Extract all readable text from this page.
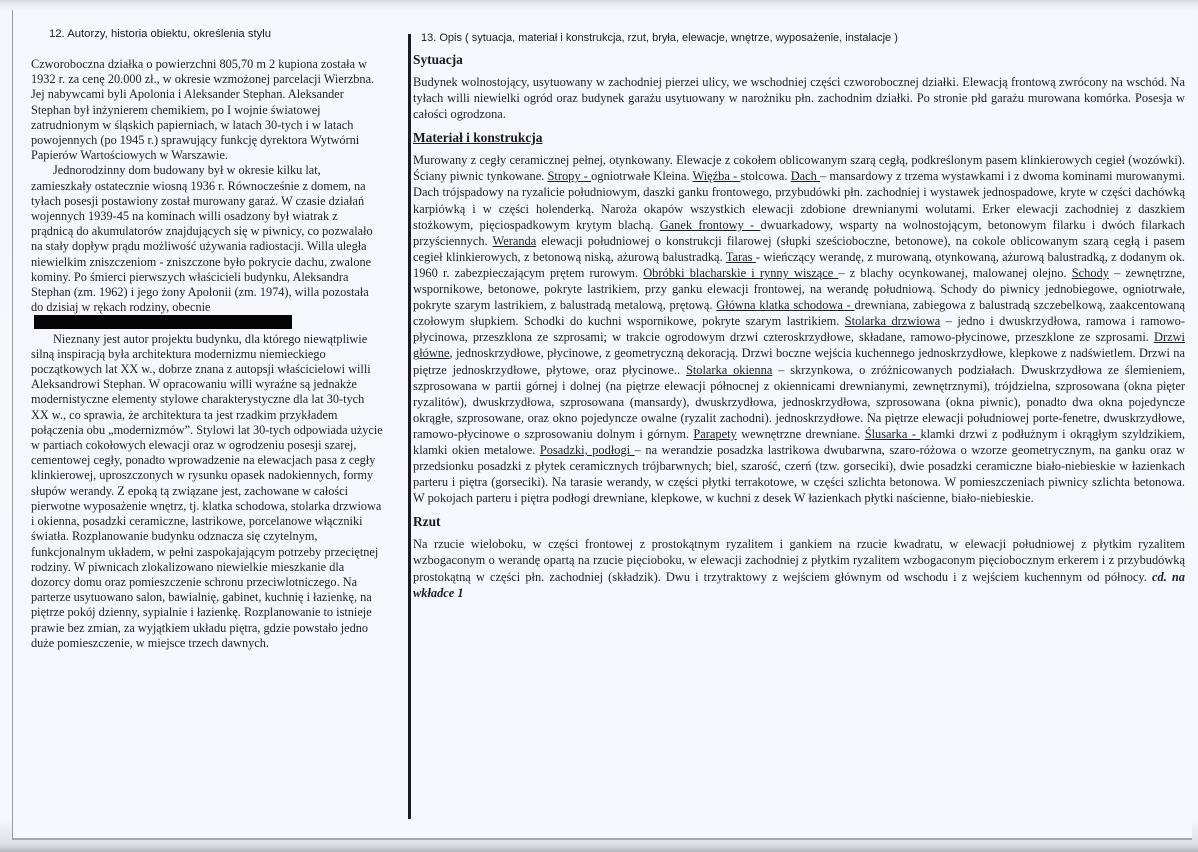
12. Autorzy, historia obiektu, określenia stylu

Czworoboczna działka o powierzchni 805,70 m 2 kupiona została w 1932 r. za cenę 20.000 zł., w okresie wzmożonej parcelacji Wierzbna. Jej nabywcami byli Apolonia i Aleksander Stephan. Aleksander Stephan był inżynierem chemikiem, po I wojnie światowej zatrudnionym w śląskich papierniach, w latach 30-tych i w latach powojennych (po 1945 r.) sprawujący funkcję dyrektora Wytwórni Papierów Wartościowych w Warszawie.

Jednorodzinny dom budowany był w okresie kilku lat, zamieszkały ostatecznie wiosną 1936 r. Równocześnie z domem, na tyłach posesji postawiony został murowany garaż. W czasie działań wojennych 1939-45 na kominach willi osadzony był wiatrak z prądnicą do akumulatorów znajdujących się w piwnicy, co pozwalało na stały dopływ prądu możliwość używania radiostacji. Willa uległa niewielkim zniszczeniom - zniszczone było pokrycie dachu, zwalone kominy. Po śmierci pierwszych właścicieli budynku, Aleksandra Stephan (zm. 1962) i jego żony Apolonii (zm. 1974), willa pozostała do dzisiaj w rękach rodziny, obecnie

Nieznany jest autor projektu budynku, dla którego niewątpliwie silną inspiracją była architektura modernizmu niemieckiego początkowych lat XX w., dobrze znana z autopsji właścicielowi willi Aleksandrowi Stephan. W opracowaniu willi wyraźne są jednakże modernistyczne elementy stylowe charakterystyczne dla lat 30-tych XX w., co sprawia, że architektura ta jest rzadkim przykładem połączenia obu „modernizmów”. Stylowi lat 30-tych odpowiada użycie w partiach cokołowych elewacji oraz w ogrodzeniu posesji szarej, cementowej cegły, ponadto wprowadzenie na elewacjach pasa z cegły klinkierowej, uproszczonych w rysunku opasek nadokiennych, formy słupów werandy. Z epoką tą związane jest, zachowane w całości pierwotne wyposażenie wnętrz, tj. klatka schodowa, stolarka drzwiowa i okienna, posadzki ceramiczne, lastrikowe, porcelanowe włączniki światła. Rozplanowanie budynku odznacza się czytelnym, funkcjonalnym układem, w pełni zaspokajającym potrzeby przeciętnej rodziny. W piwnicach zlokalizowano niewielkie mieszkanie dla dozorcy domu oraz pomieszczenie schronu przeciwlotniczego. Na parterze usytuowano salon, bawialnię, gabinet, kuchnię i łazienkę, na piętrze pokój dzienny, sypialnie i łazienkę. Rozplanowanie to istnieje prawie bez zmian, za wyjątkiem układu piętra, gdzie powstało jedno duże pomieszczenie, w miejsce trzech dawnych.

13. Opis ( sytuacja, materiał i konstrukcja, rzut, bryła, elewacje, wnętrze, wyposażenie, instalacje )
Sytuacja
Budynek wolnostojący, usytuowany w zachodniej pierzei ulicy, we wschodniej części czworobocznej działki. Elewacją frontową zwrócony na wschód. Na tyłach willi niewielki ogród oraz budynek garażu usytuowany w narożniku płn. zachodnim działki. Po stronie płd garażu murowana komórka. Posesja w całości ogrodzona.
Materiał i konstrukcja
Murowany z cegły ceramicznej pełnej, otynkowany. Elewacje z cokołem oblicowanym szarą cegłą, podkreślonym pasem klinkierowych cegieł (wozówki). Ściany piwnic tynkowane. Stropy - ogniotrwałe Kleina. Więźba - stolcowa. Dach – mansardowy z trzema wystawkami i z dwoma kominami murowanymi. Dach trójspadowy na ryzalicie południowym, daszki ganku frontowego, przybudówki płn. zachodniej i wystawek jednospadowe, kryte w części dachówką karpiówką i w części holenderką. Naroża okapów wszystkich elewacji zdobione drewnianymi wolutami. Erker elewacji zachodniej z daszkiem stożkowym, pięciospadkowym krytym blachą. Ganek frontowy - dwuarkadowy, wsparty na wolnostojącym, betonowym filarku i dwóch filarkach przyściennych. Weranda elewacji południowej o konstrukcji filarowej (słupki sześcioboczne, betonowe), na cokole oblicowanym szarą cegłą i pasem cegieł klinkierowych, z betonową niską, ażurową balustradką. Taras - wieńczący werandę, z murowaną, otynkowaną, ażurową balustradką, z dodanym ok. 1960 r. zabezpieczającym prętem rurowym. Obróbki blacharskie i rynny wiszące – z blachy ocynkowanej, malowanej olejno. Schody – zewnętrzne, wspornikowe, betonowe, pokryte lastrikiem, przy ganku elewacji frontowej, na werandę południową. Schody do piwnicy jednobiegowe, ogniotrwałe, pokryte szarym lastrikiem, z balustradą metalową, prętową. Główna klatka schodowa - drewniana, zabiegowa z balustradą szczebelkową, zaakcentowaną czołowym słupkiem. Schodki do kuchni wspornikowe, pokryte szarym lastrikiem. Stolarka drzwiowa – jedno i dwuskrzydłowa, ramowa i ramowo-płycinowa, przeszklona ze szprosami; w trakcie ogrodowym drzwi czteroskrzydłowe, składane, ramowo-płycinowe, przeszklone ze szprosami. Drzwi główne, jednoskrzydłowe, płycinowe, z geometryczną dekoracją. Drzwi boczne wejścia kuchennego jednoskrzydłowe, klepkowe z nadświetlem. Drzwi na piętrze jednoskrzydłowe, płytowe, oraz płycinowe.. Stolarka okienna – skrzynkowa, o zróżnicowanych podziałach. Dwuskrzydłowa ze ślemieniem, szprosowana w partii górnej i dolnej (na piętrze elewacji północnej z okiennicami drewnianymi, zewnętrznymi), trójdzielna, szprosowana (okna pięter ryzalitów), dwuskrzydłowa, szprosowana (mansardy), dwuskrzydłowa, jednoskrzydłowa, szprosowana (okna piwnic), ponadto dwa okna pojedyncze okrągłe, szprosowane, oraz okno pojedyncze owalne (ryzalit zachodni). jednoskrzydłowe. Na piętrze elewacji południowej porte-fenetre, dwuskrzydłowe, ramowo-płycinowe o szprosowaniu dolnym i górnym. Parapety wewnętrzne drewniane. Ślusarka - klamki drzwi z podłużnym i okrągłym szyldzikiem, klamki okien metalowe. Posadzki, podłogi – na werandzie posadzka lastrikowa dwubarwna, szaro-różowa o wzorze geometrycznym, na ganku oraz w przedsionku posadzki z płytek ceramicznych trójbarwnych; biel, szarość, czerń (tzw. gorseciki), dwie posadzki ceramiczne biało-niebieskie w łazienkach parteru i piętra (gorseciki). Na tarasie werandy, w części płytki terrakotowe, w części szlichta betonowa. W pomieszczeniach piwnicy szlichta betonowa. W pokojach parteru i piętra podłogi drewniane, klepkowe, w kuchni z desek W łazienkach płytki naścienne, biało-niebieskie.
Rzut
Na rzucie wieloboku, w części frontowej z prostokątnym ryzalitem i gankiem na rzucie kwadratu, w elewacji południowej z płytkim ryzalitem wzbogaconym o werandę opartą na rzucie pięcioboku, w elewacji zachodniej z płytkim ryzalitem wzbogaconym pięciobocznym erkerem i z przybudówką prostokątną w części płn. zachodniej (składzik). Dwu i trzytraktowy z wejściem głównym od wschodu i z wejściem kuchennym od północy. cd. na wkładce 1
